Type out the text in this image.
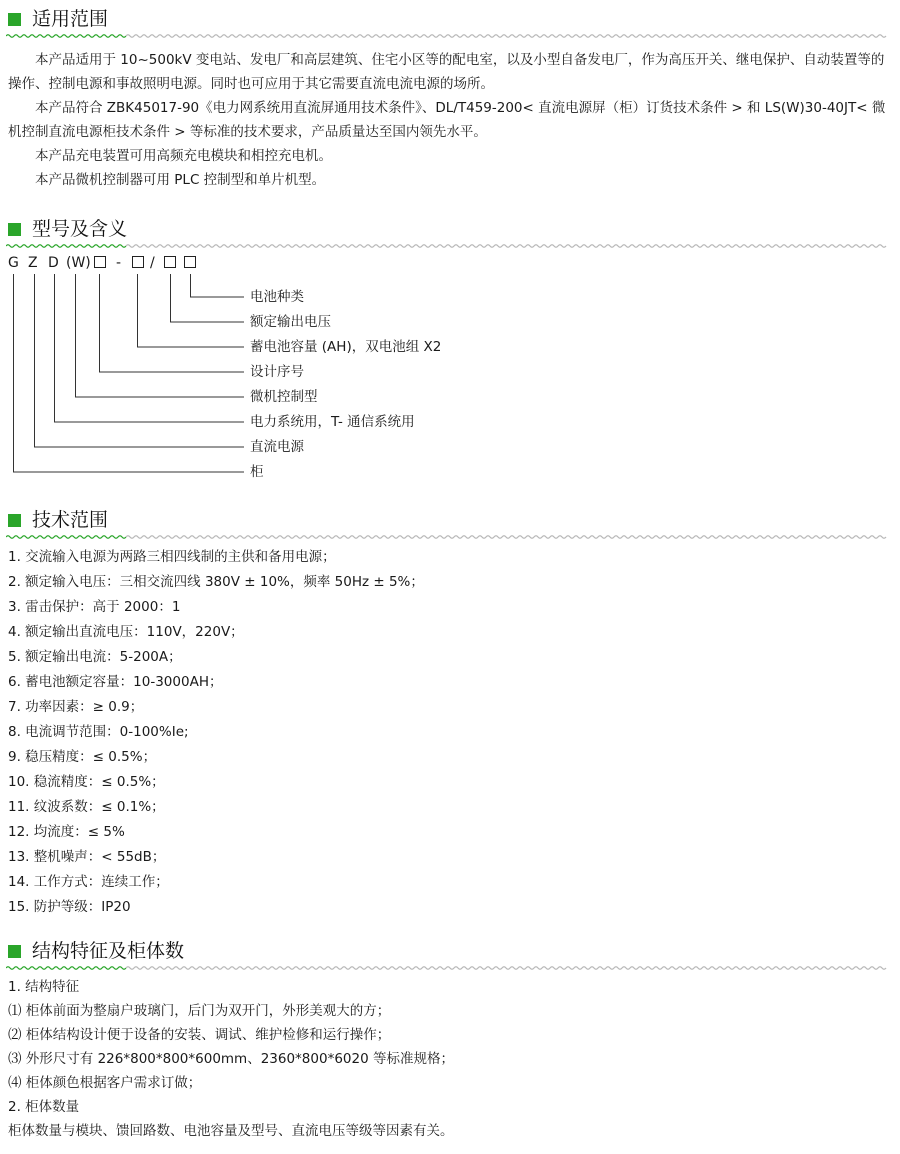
适用范围

本产品适用于 10~500kV 变电站、发电厂和高层建筑、住宅小区等的配电室，以及小型自备发电厂，作为高压开关、继电保护、自动装置等的操作、控制电源和事故照明电源。同时也可应用于其它需要直流电流电源的场所。

本产品符合 ZBK45017-90《电力网系统用直流屏通用技术条件》、DL/T459-200< 直流电源屏（柜）订货技术条件 > 和 LS(W)30-40JT< 微机控制直流电源柜技术条件 > 等标准的技术要求，产品质量达至国内领先水平。

本产品充电装置可用高频充电模块和相控充电机。

本产品微机控制器可用 PLC 控制型和单片机型。

型号及含义
G Z D (W) - /
电池种类
额定输出电压
蓄电池容量 (AH)，双电池组 X2
设计序号
微机控制型
电力系统用，T- 通信系统用
直流电源
柜
技术范围
1. 交流输入电源为两路三相四线制的主供和备用电源；
2. 额定输入电压：三相交流四线 380V ± 10%，频率 50Hz ± 5%；
3. 雷击保护：高于 2000：1
4. 额定输出直流电压：110V，220V；
5. 额定输出电流：5-200A；
6. 蓄电池额定容量：10-3000AH；
7. 功率因素：≥ 0.9；
8. 电流调节范围：0-100%Ie;
9. 稳压精度：≤ 0.5%；
10. 稳流精度：≤ 0.5%；
11. 纹波系数：≤ 0.1%；
12. 均流度：≤ 5%
13. 整机噪声：< 55dB；
14. 工作方式：连续工作；
15. 防护等级：IP20
结构特征及柜体数
1. 结构特征
⑴ 柜体前面为整扇户玻璃门，后门为双开门，外形美观大的方；
⑵ 柜体结构设计便于设备的安装、调试、维护检修和运行操作；
⑶ 外形尺寸有 226*800*800*600mm、2360*800*6020 等标准规格；
⑷ 柜体颜色根据客户需求订做；
2. 柜体数量
柜体数量与模块、馈回路数、电池容量及型号、直流电压等级等因素有关。
